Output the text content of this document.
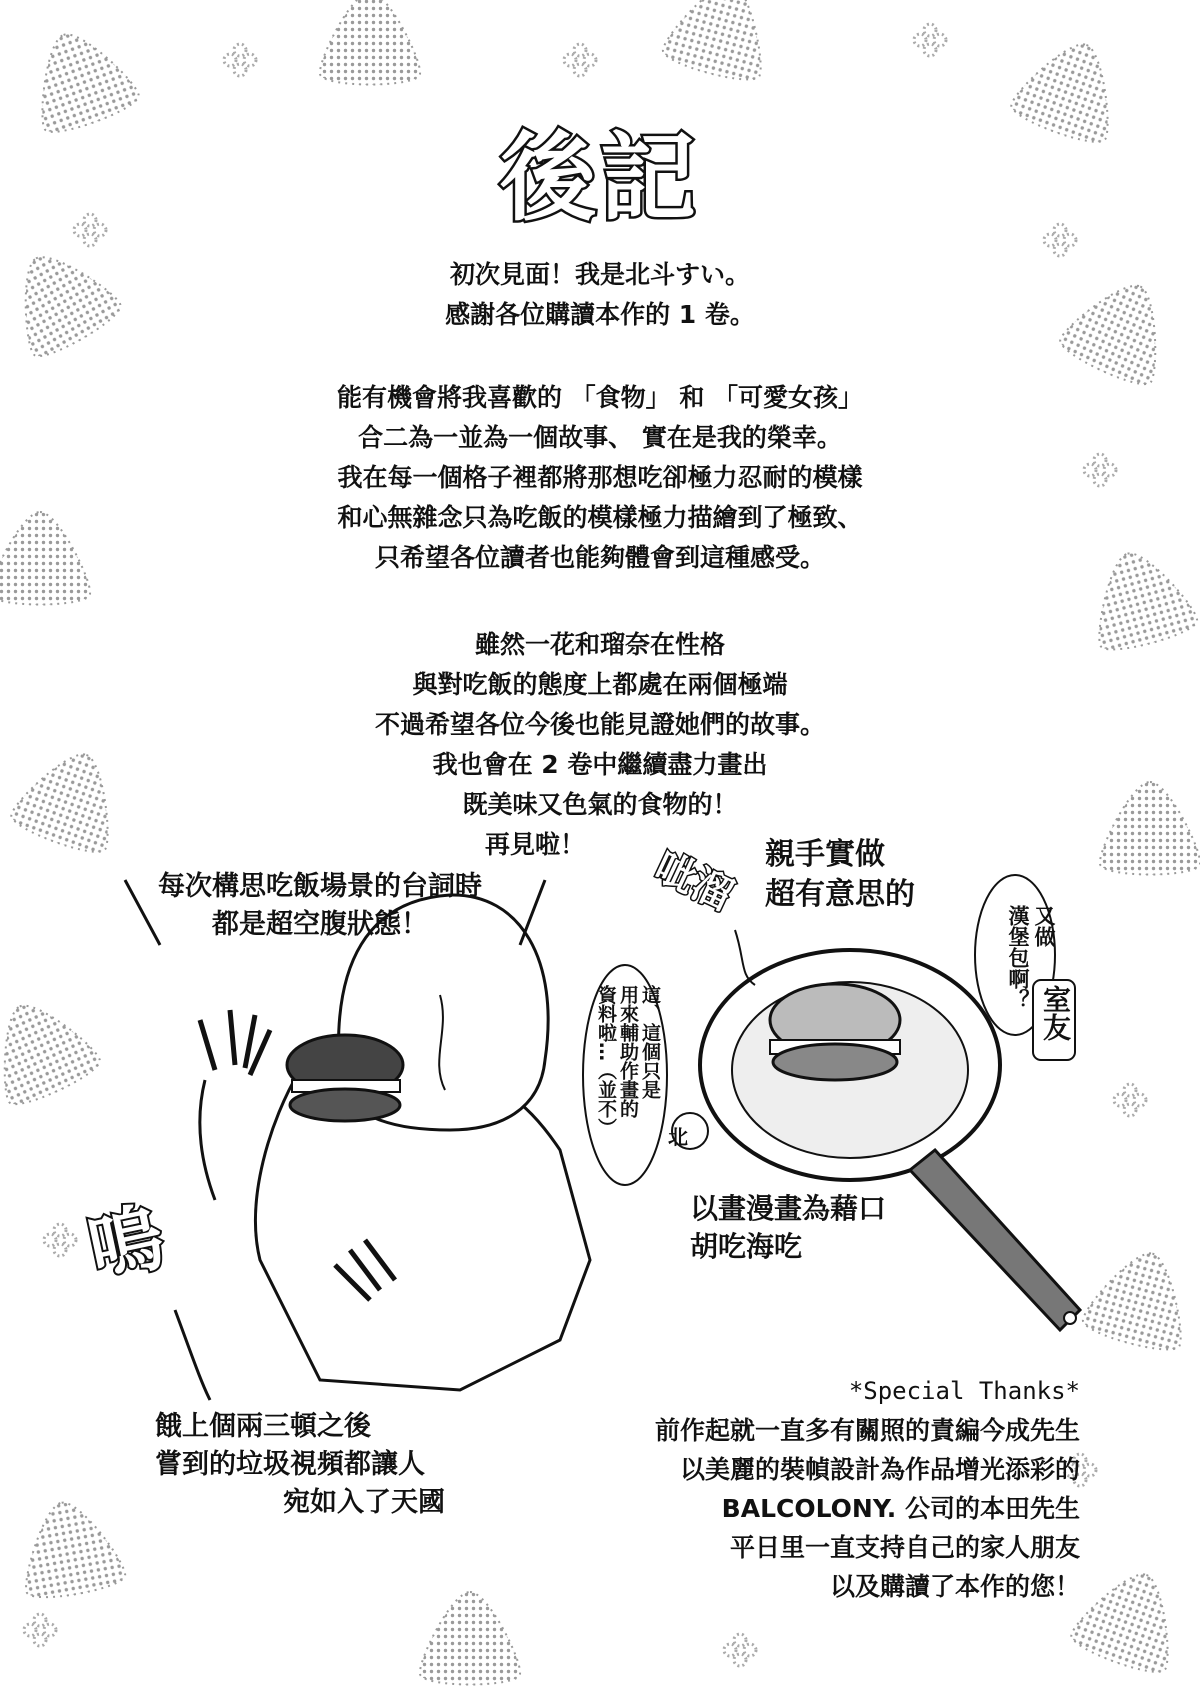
後記
初次見面！我是北斗すい。
感謝各位購讀本作的 1 卷。
能有機會將我喜歡的 「食物」 和 「可愛女孩」
合二為一並為一個故事、 實在是我的榮幸。
我在每一個格子裡都將那想吃卻極力忍耐的模樣
和心無雜念只為吃飯的模樣極力描繪到了極致、
只希望各位讀者也能夠體會到這種感受。
雖然一花和瑠奈在性格
與對吃飯的態度上都處在兩個極端
不過希望各位今後也能見證她們的故事。
我也會在 2 卷中繼續盡力畫出
既美味又色氣的食物的！
再見啦！
每次構思吃飯場景的台詞時
都是超空腹狀態！
親手實做
超有意思的
呲溜
嗚
這、這個只是
用來輔助作畫的
資料啦…（並不）	北
又做
漢堡包啊？
室友
以畫漫畫為藉口
胡吃海吃
餓上個兩三頓之後
嘗到的垃圾視頻都讓人
宛如入了天國
*Special Thanks*
前作起就一直多有關照的責編今成先生
以美麗的裝幀設計為作品增光添彩的
BALCOLONY. 公司的本田先生
平日里一直支持自己的家人朋友
以及購讀了本作的您！
